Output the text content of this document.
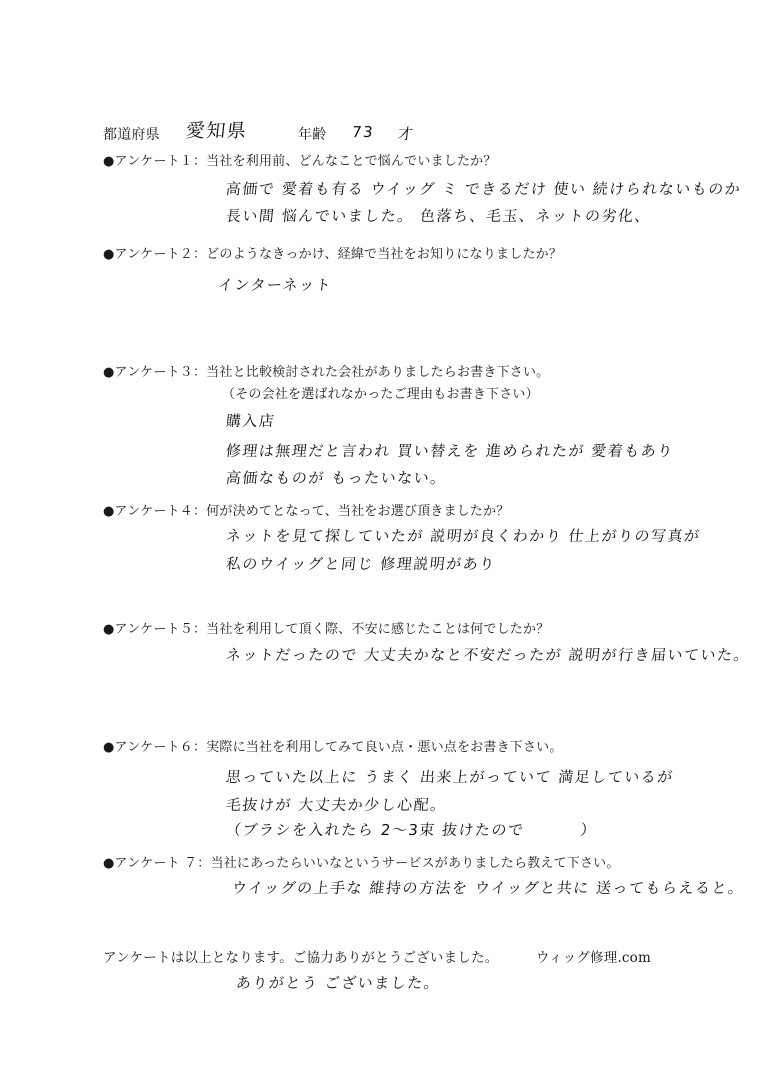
都道府県 愛知県	年齢 73 才
●アンケート１：当社を利用前、どんなことで悩んでいましたか？
高価で 愛着も有る ウイッグ ミ できるだけ 使い 続けられないものか
長い間 悩んでいました。 色落ち、毛玉、ネットの劣化、
●アンケート２：どのようなきっかけ、経緯で当社をお知りになりましたか？
インターネット
●アンケート３：当社と比較検討された会社がありましたらお書き下さい。
（その会社を選ばれなかったご理由もお書き下さい）
購入店
修理は無理だと言われ 買い替えを 進められたが 愛着もあり
高価なものが もったいない。
●アンケート４：何が決めてとなって、当社をお選び頂きましたか？
ネットを見て探していたが 説明が良くわかり 仕上がりの写真が
私のウイッグと同じ 修理説明があり
●アンケート５：当社を利用して頂く際、不安に感じたことは何でしたか？
ネットだったので 大丈夫かなと不安だったが 説明が行き届いていた。
●アンケート６：実際に当社を利用してみて良い点・悪い点をお書き下さい。
思っていた以上に うまく 出来上がっていて 満足しているが
毛抜けが 大丈夫か少し心配。
（ブラシを入れたら 2〜3束 抜けたので 　　　）
●アンケート ７：当社にあったらいいなというサービスがありましたら教えて下さい。
ウイッグの上手な 維持の方法を ウイッグと共に 送ってもらえると。
アンケートは以上となります。ご協力ありがとうございました。	ウィッグ修理.com
ありがとう ございました。
